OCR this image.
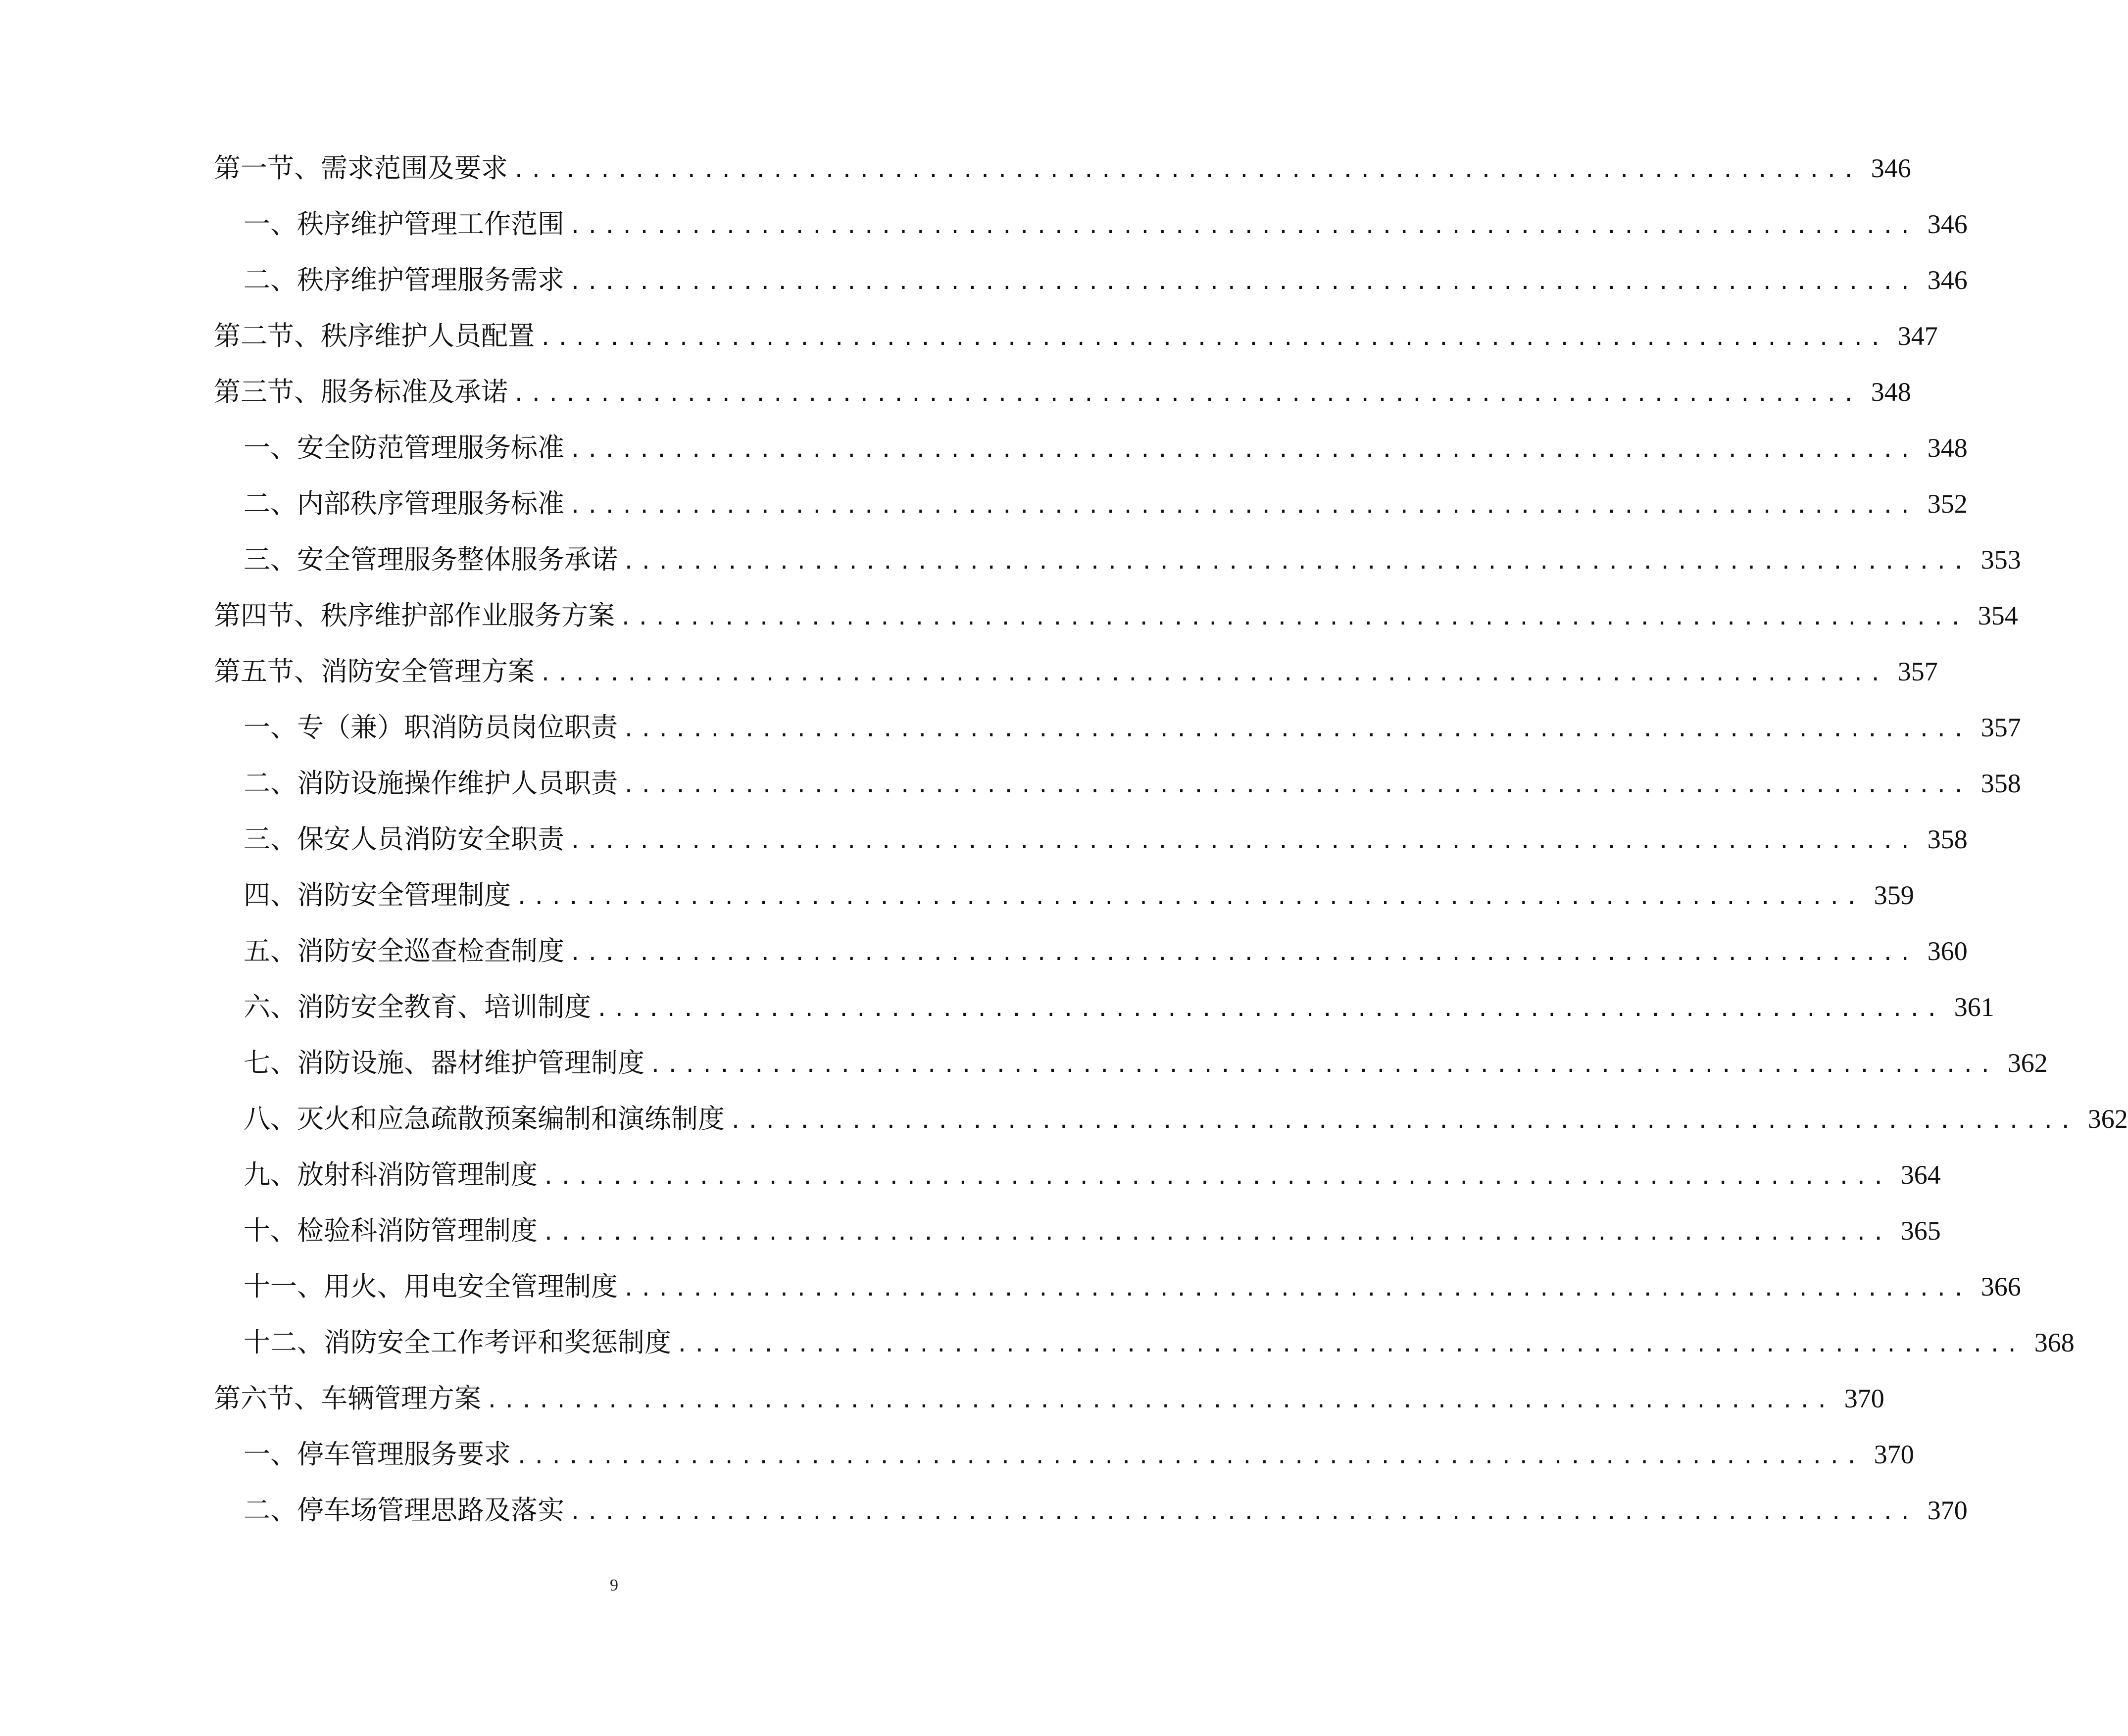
第一节、需求范围及要求 .............................................................................. 346
一、秩序维护管理工作范围 .............................................................................. 346
二、秩序维护管理服务需求 .............................................................................. 346
第二节、秩序维护人员配置 .............................................................................. 347
第三节、服务标准及承诺 .............................................................................. 348
一、安全防范管理服务标准 .............................................................................. 348
二、内部秩序管理服务标准 .............................................................................. 352
三、安全管理服务整体服务承诺 .............................................................................. 353
第四节、秩序维护部作业服务方案 .............................................................................. 354
第五节、消防安全管理方案 .............................................................................. 357
一、专（兼）职消防员岗位职责 .............................................................................. 357
二、消防设施操作维护人员职责 .............................................................................. 358
三、保安人员消防安全职责 .............................................................................. 358
四、消防安全管理制度 .............................................................................. 359
五、消防安全巡查检查制度 .............................................................................. 360
六、消防安全教育、培训制度 .............................................................................. 361
七、消防设施、器材维护管理制度 .............................................................................. 362
八、灭火和应急疏散预案编制和演练制度 .............................................................................. 362
九、放射科消防管理制度 .............................................................................. 364
十、检验科消防管理制度 .............................................................................. 365
十一、用火、用电安全管理制度 .............................................................................. 366
十二、消防安全工作考评和奖惩制度 .............................................................................. 368
第六节、车辆管理方案 .............................................................................. 370
一、停车管理服务要求 .............................................................................. 370
二、停车场管理思路及落实 .............................................................................. 370
9
